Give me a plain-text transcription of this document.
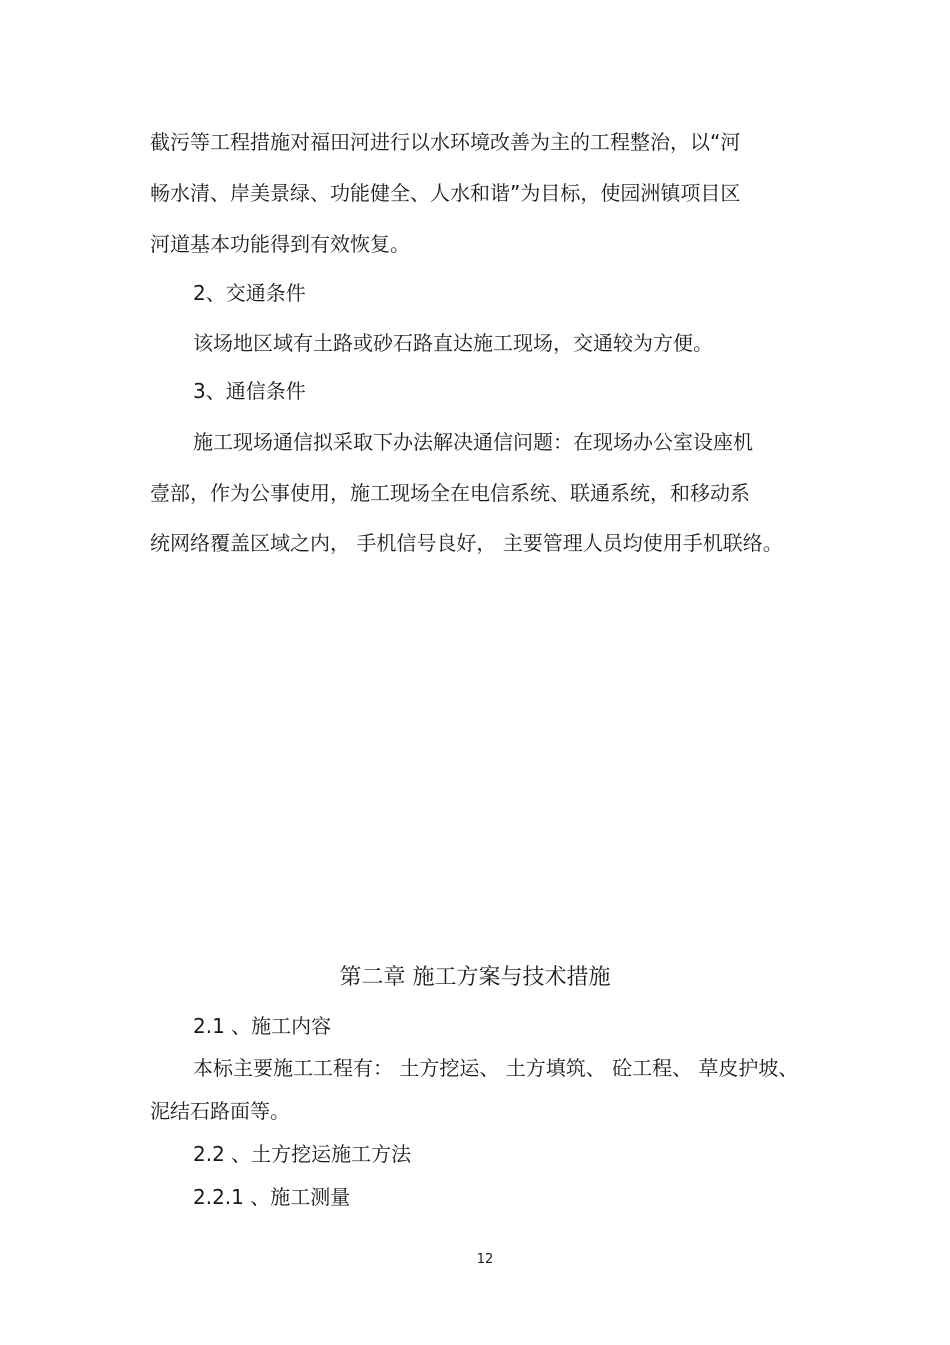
截污等工程措施对福田河进行以水环境改善为主的工程整治，以“河
畅水清、岸美景绿、功能健全、人水和谐”为目标，使园洲镇项目区
河道基本功能得到有效恢复。
2、交通条件
该场地区域有土路或砂石路直达施工现场，交通较为方便。
3、通信条件
施工现场通信拟采取下办法解决通信问题：在现场办公室设座机
壹部，作为公事使用，施工现场全在电信系统、联通系统，和移动系
统网络覆盖区域之内， 手机信号良好， 主要管理人员均使用手机联络。
第二章 施工方案与技术措施
2.1 、施工内容
本标主要施工工程有： 土方挖运、 土方填筑、 砼工程、 草皮护坡、
泥结石路面等。
2.2 、土方挖运施工方法
2.2.1 、施工测量
12
